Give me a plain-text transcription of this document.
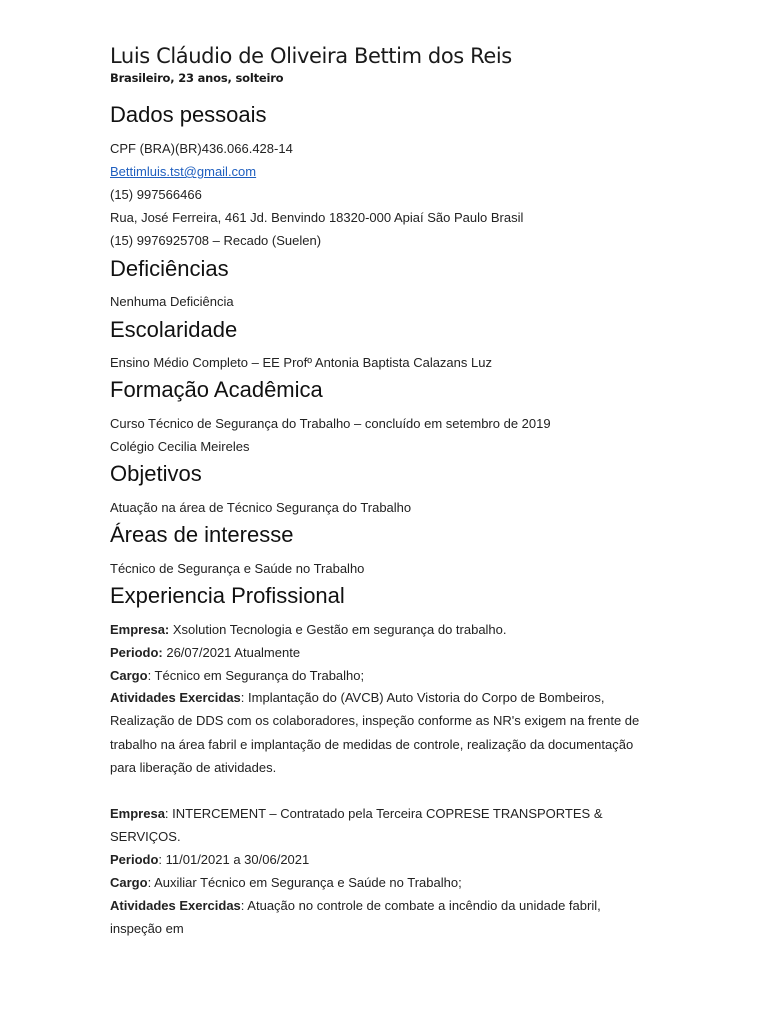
Luis Cláudio de Oliveira Bettim dos Reis
Brasileiro, 23 anos, solteiro
Dados pessoais
CPF (BRA)(BR)436.066.428-14
Bettimluis.tst@gmail.com
(15) 997566466
Rua, José Ferreira, 461 Jd. Benvindo 18320-000 Apiaí São Paulo Brasil
(15) 9976925708 – Recado (Suelen)
Deficiências
Nenhuma Deficiência
Escolaridade
Ensino Médio Completo – EE Profº Antonia Baptista Calazans Luz
Formação Acadêmica
Curso Técnico de Segurança do Trabalho – concluído em setembro de 2019
Colégio Cecilia Meireles
Objetivos
Atuação na área de Técnico Segurança do Trabalho
Áreas de interesse
Técnico de Segurança e Saúde no Trabalho
Experiencia Profissional
Empresa: Xsolution Tecnologia e Gestão em segurança do trabalho.
Periodo: 26/07/2021 Atualmente
Cargo: Técnico em Segurança do Trabalho;
Atividades Exercidas: Implantação do (AVCB) Auto Vistoria do Corpo de Bombeiros,
Realização de DDS com os colaboradores, inspeção conforme as NR's exigem na frente de
trabalho na área fabril e implantação de medidas de controle, realização da documentação
para liberação de atividades.
Empresa: INTERCEMENT – Contratado pela Terceira COPRESE TRANSPORTES &
SERVIÇOS.
Periodo: 11/01/2021 a 30/06/2021
Cargo: Auxiliar Técnico em Segurança e Saúde no Trabalho;
Atividades Exercidas: Atuação no controle de combate a incêndio da unidade fabril,
inspeção em
